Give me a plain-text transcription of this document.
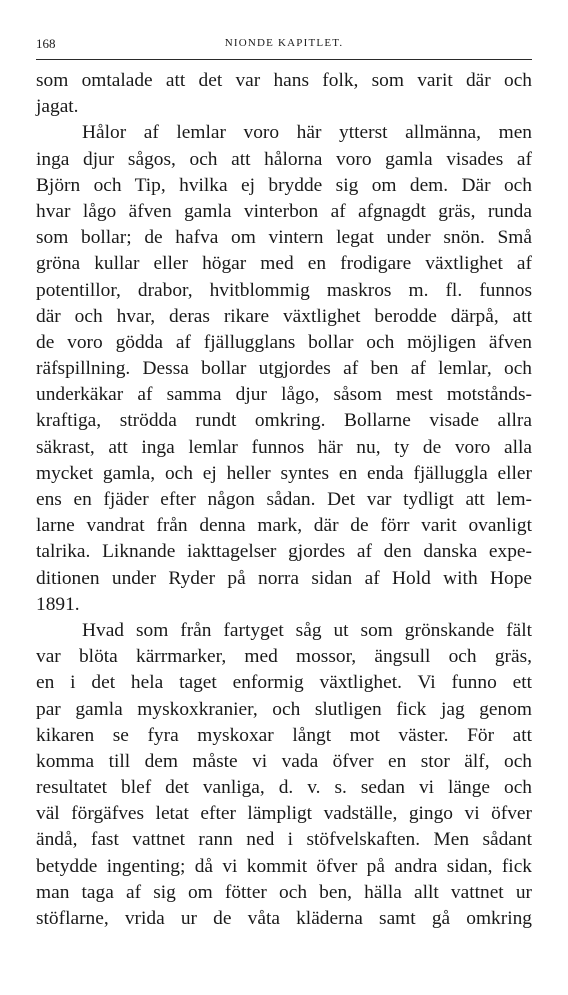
168	NIONDE KAPITLET.
som omtalade att det var hans folk, som varit där och
jagat.
Hålor af lemlar voro här ytterst allmänna, men
inga djur sågos, och att hålorna voro gamla visades af
Björn och Tip, hvilka ej brydde sig om dem. Där och
hvar lågo äfven gamla vinterbon af afgnagdt gräs, runda
som bollar; de hafva om vintern legat under snön. Små
gröna kullar eller högar med en frodigare växtlighet af
potentillor, drabor, hvitblommig maskros m. fl. funnos
där och hvar, deras rikare växtlighet berodde därpå, att
de voro gödda af fjällugglans bollar och möjligen äfven
räfspillning. Dessa bollar utgjordes af ben af lemlar, och
underkäkar af samma djur lågo, såsom mest motstånds-
kraftiga, strödda rundt omkring. Bollarne visade allra
säkrast, att inga lemlar funnos här nu, ty de voro alla
mycket gamla, och ej heller syntes en enda fjälluggla eller
ens en fjäder efter någon sådan. Det var tydligt att lem-
larne vandrat från denna mark, där de förr varit ovanligt
talrika. Liknande iakttagelser gjordes af den danska expe-
ditionen under Ryder på norra sidan af Hold with Hope
1891.
Hvad som från fartyget såg ut som grönskande fält
var blöta kärrmarker, med mossor, ängsull och gräs,
en i det hela taget enformig växtlighet. Vi funno ett
par gamla myskoxkranier, och slutligen fick jag genom
kikaren se fyra myskoxar långt mot väster. För att
komma till dem måste vi vada öfver en stor älf, och
resultatet blef det vanliga, d. v. s. sedan vi länge och
väl förgäfves letat efter lämpligt vadställe, gingo vi öfver
ändå, fast vattnet rann ned i stöfvelskaften. Men sådant
betydde ingenting; då vi kommit öfver på andra sidan, fick
man taga af sig om fötter och ben, hälla allt vattnet ur
stöflarne, vrida ur de våta kläderna samt gå omkring
